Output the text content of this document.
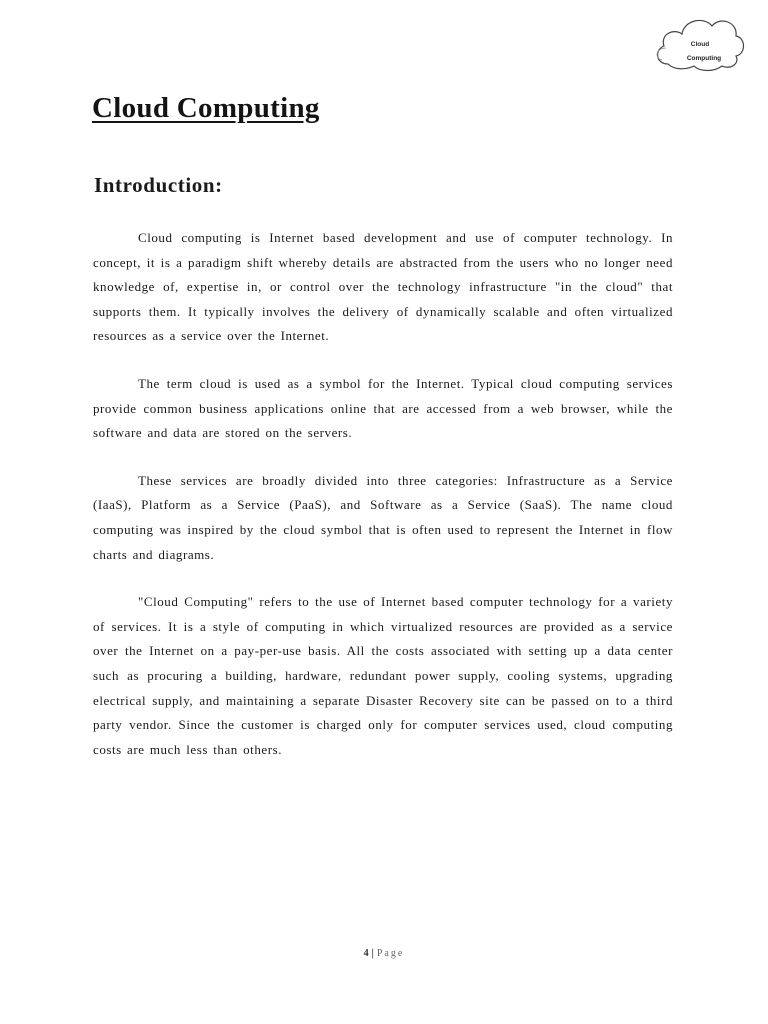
Cloud
Computing
Cloud Computing
Introduction:

Cloud computing is Internet based development and use of computer technology. In concept, it is a paradigm shift whereby details are abstracted from the users who no longer need knowledge of, expertise in, or control over the technology infrastructure "in the cloud" that supports them. It typically involves the delivery of dynamically scalable and often virtualized resources as a service over the Internet.

The term cloud is used as a symbol for the Internet. Typical cloud computing services provide common business applications online that are accessed from a web browser, while the software and data are stored on the servers.

These services are broadly divided into three categories: Infrastructure as a Service (IaaS), Platform as a Service (PaaS), and Software as a Service (SaaS). The name cloud computing was inspired by the cloud symbol that is often used to represent the Internet in flow charts and diagrams.

"Cloud Computing" refers to the use of Internet based computer technology for a variety of services. It is a style of computing in which virtualized resources are provided as a service over the Internet on a pay-per-use basis. All the costs associated with setting up a data center such as procuring a building, hardware, redundant power supply, cooling systems, upgrading electrical supply, and maintaining a separate Disaster Recovery site can be passed on to a third party vendor. Since the customer is charged only for computer services used, cloud computing costs are much less than others.

4 | Page
